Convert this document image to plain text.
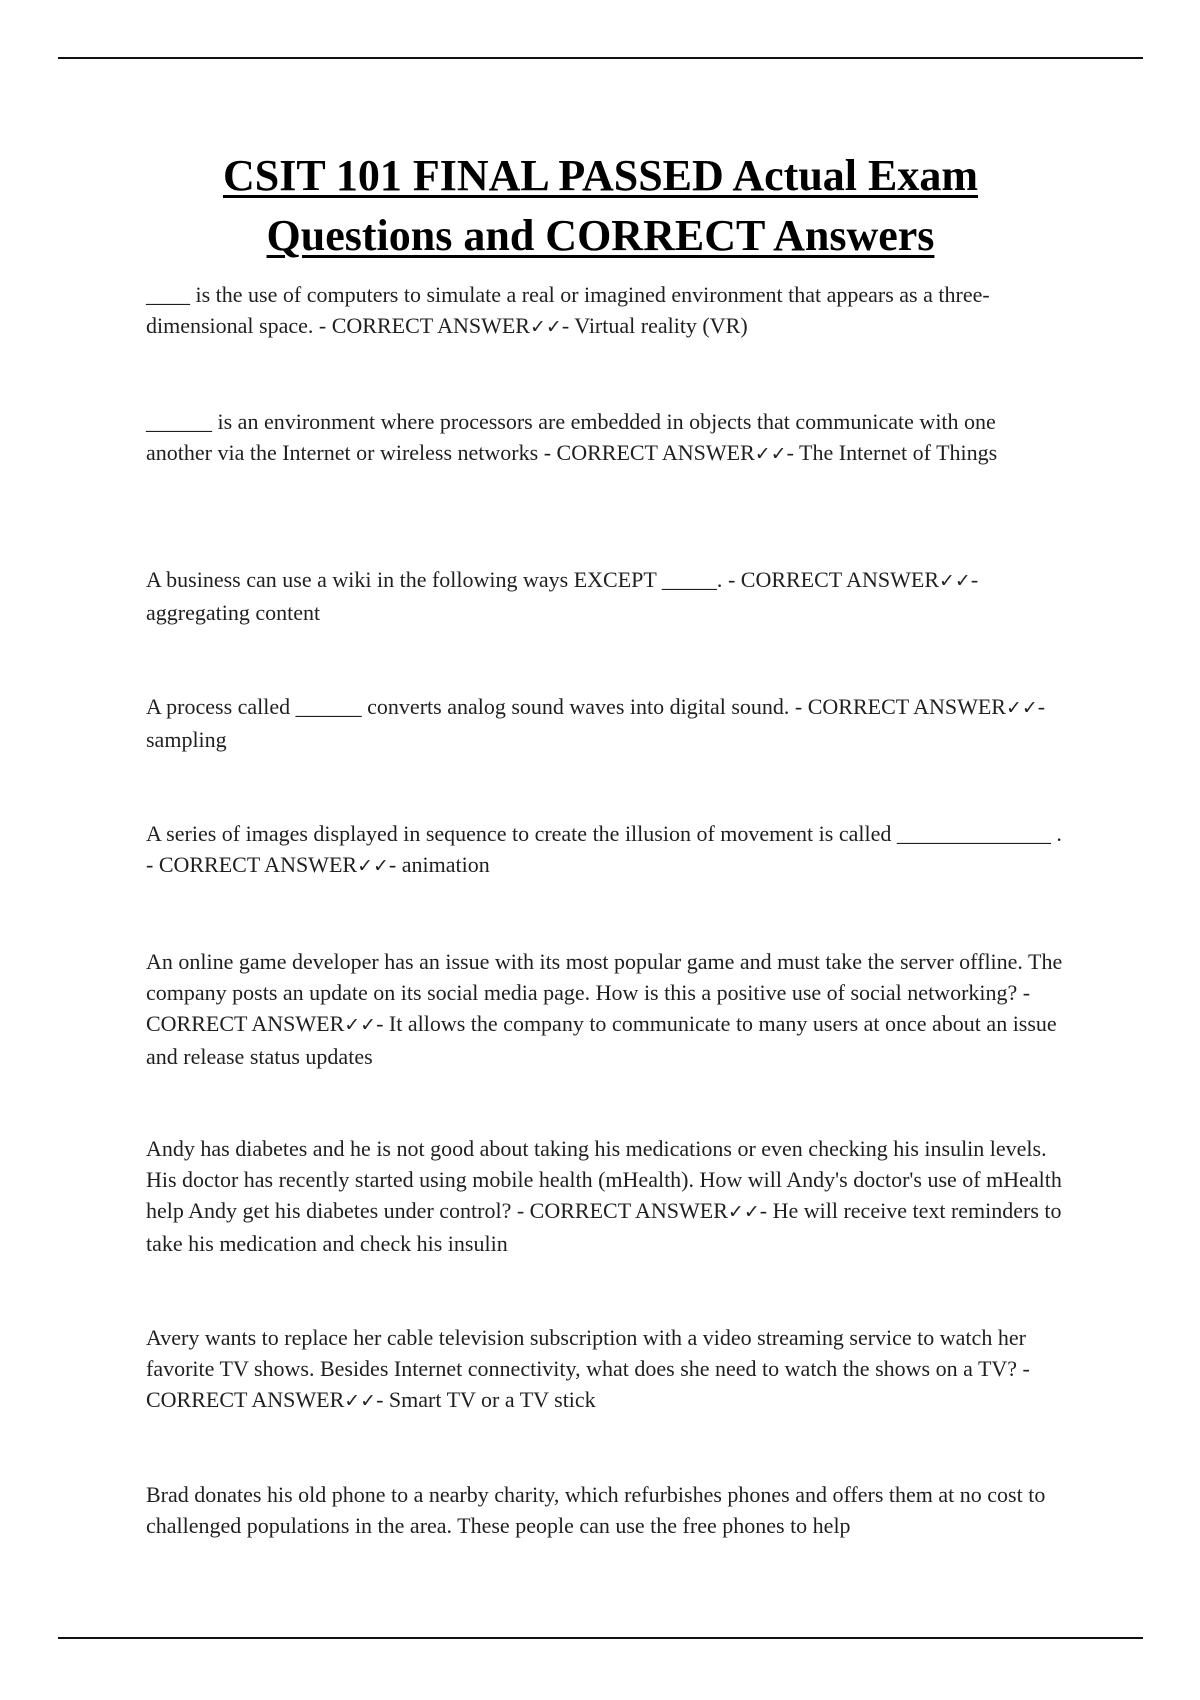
CSIT 101 FINAL PASSED Actual Exam
Questions and CORRECT Answers

____ is the use of computers to simulate a real or imagined environment that appears as a three-dimensional space. - CORRECT ANSWER✓✓- Virtual reality (VR)

______ is an environment where processors are embedded in objects that communicate with one another via the Internet or wireless networks - CORRECT ANSWER✓✓- The Internet of Things

A business can use a wiki in the following ways EXCEPT _____. - CORRECT ANSWER✓✓- aggregating content

A process called ______ converts analog sound waves into digital sound. - CORRECT ANSWER✓✓- sampling

A series of images displayed in sequence to create the illusion of movement is called ______________ . - CORRECT ANSWER✓✓- animation

An online game developer has an issue with its most popular game and must take the server offline. The company posts an update on its social media page. How is this a positive use of social networking? - CORRECT ANSWER✓✓- It allows the company to communicate to many users at once about an issue and release status updates

Andy has diabetes and he is not good about taking his medications or even checking his insulin levels. His doctor has recently started using mobile health (mHealth). How will Andy's doctor's use of mHealth help Andy get his diabetes under control? - CORRECT ANSWER✓✓- He will receive text reminders to take his medication and check his insulin

Avery wants to replace her cable television subscription with a video streaming service to watch her favorite TV shows. Besides Internet connectivity, what does she need to watch the shows on a TV? - CORRECT ANSWER✓✓- Smart TV or a TV stick

Brad donates his old phone to a nearby charity, which refurbishes phones and offers them at no cost to challenged populations in the area. These people can use the free phones to help
